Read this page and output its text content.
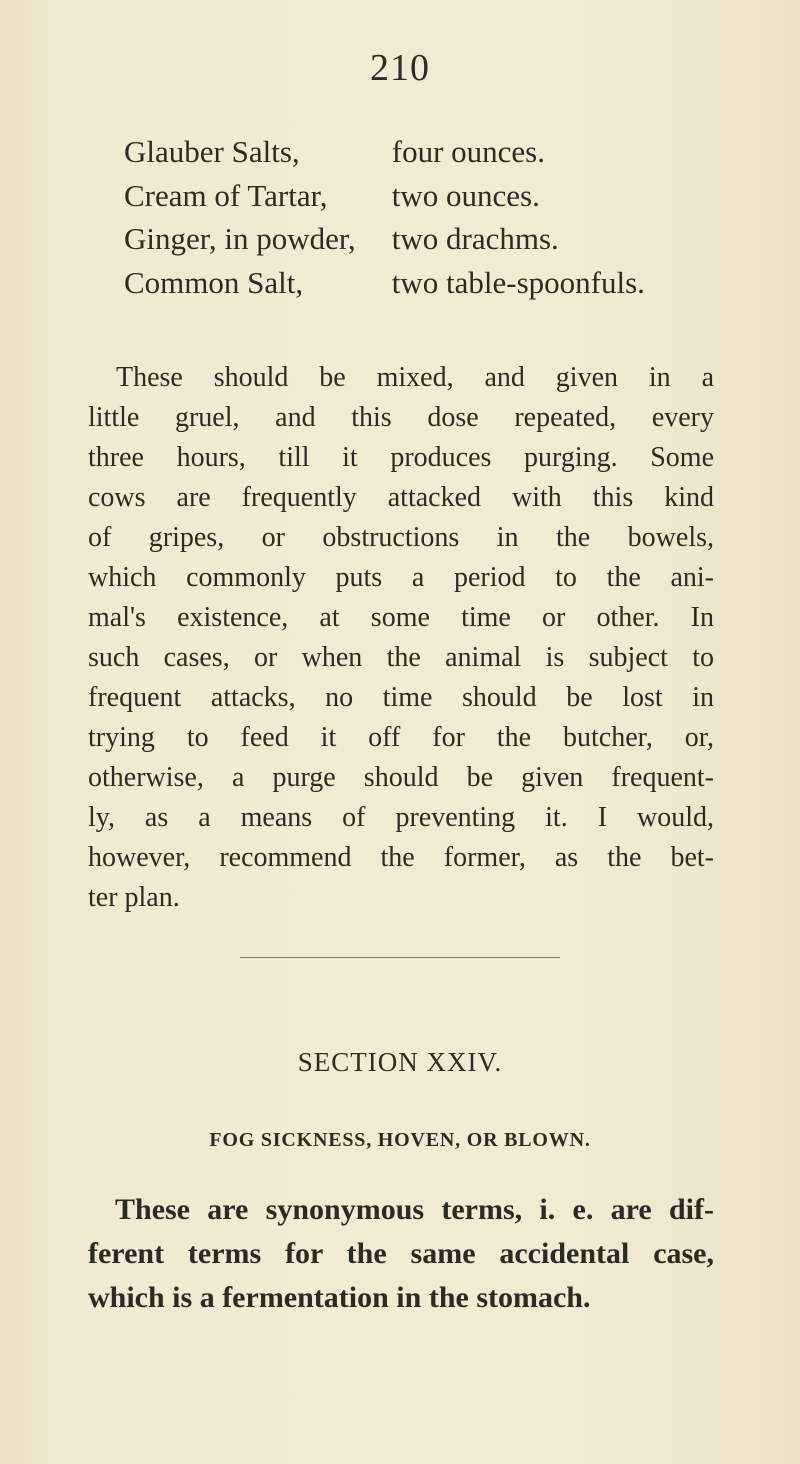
210
Glauber Salts,	four ounces.
Cream of Tartar, two ounces.
Ginger, in powder, two drachms.
Common Salt,	two table-spoonfuls.
These should be mixed, and given in a
little gruel, and this dose repeated, every
three hours, till it produces purging. Some
cows are frequently attacked with this kind
of gripes, or obstructions in the bowels,
which commonly puts a period to the ani-
mal's existence, at some time or other. In
such cases, or when the animal is subject to
frequent attacks, no time should be lost in
trying to feed it off for the butcher, or,
otherwise, a purge should be given frequent-
ly, as a means of preventing it. I would,
however, recommend the former, as the bet-
ter plan.
SECTION XXIV.
FOG SICKNESS, HOVEN, OR BLOWN.
These are synonymous terms, i. e. are dif-
ferent terms for the same accidental case,
which is a fermentation in the stomach.
